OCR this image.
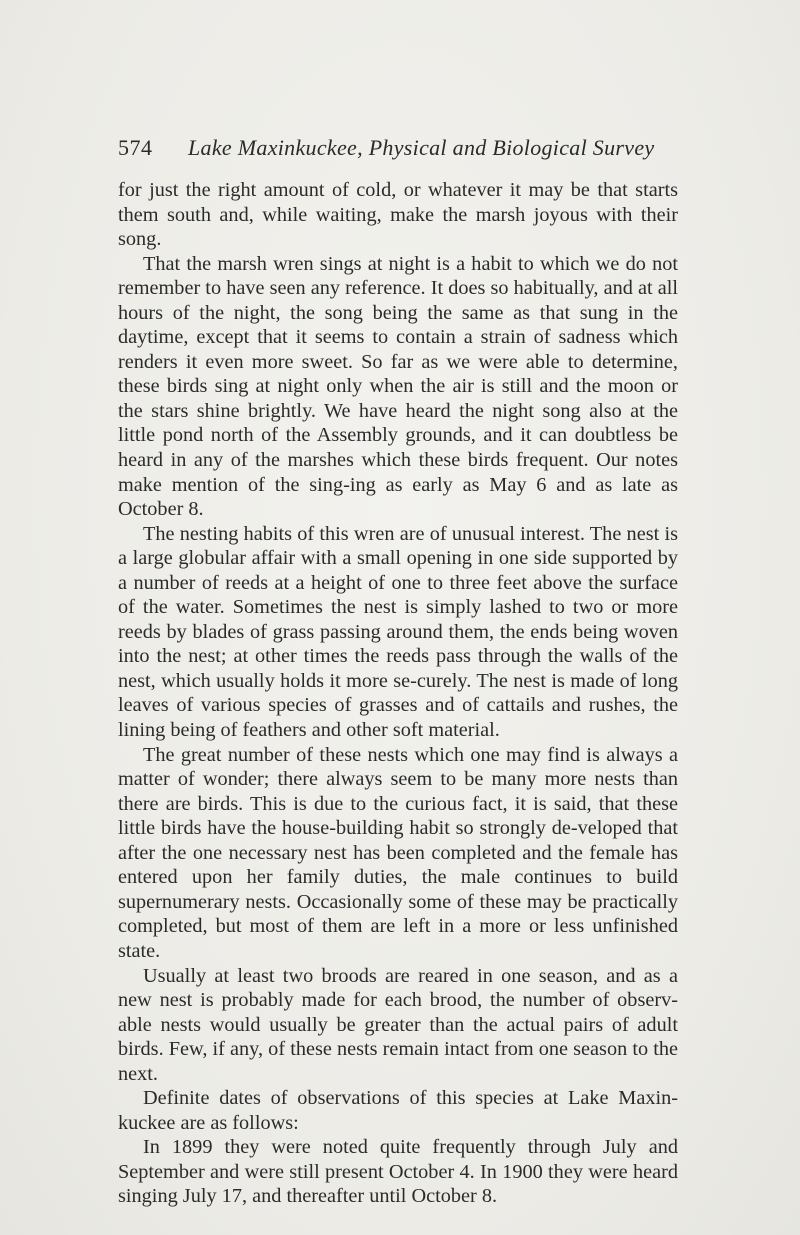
574 Lake Maxinkuckee, Physical and Biological Survey

for just the right amount of cold, or whatever it may be that starts them south and, while waiting, make the marsh joyous with their song.

That the marsh wren sings at night is a habit to which we do not remember to have seen any reference. It does so habitually, and at all hours of the night, the song being the same as that sung in the daytime, except that it seems to contain a strain of sadness which renders it even more sweet. So far as we were able to determine, these birds sing at night only when the air is still and the moon or the stars shine brightly. We have heard the night song also at the little pond north of the Assembly grounds, and it can doubtless be heard in any of the marshes which these birds frequent. Our notes make mention of the sing-ing as early as May 6 and as late as October 8.

The nesting habits of this wren are of unusual interest. The nest is a large globular affair with a small opening in one side supported by a number of reeds at a height of one to three feet above the surface of the water. Sometimes the nest is simply lashed to two or more reeds by blades of grass passing around them, the ends being woven into the nest; at other times the reeds pass through the walls of the nest, which usually holds it more se-curely. The nest is made of long leaves of various species of grasses and of cattails and rushes, the lining being of feathers and other soft material.

The great number of these nests which one may find is always a matter of wonder; there always seem to be many more nests than there are birds. This is due to the curious fact, it is said, that these little birds have the house-building habit so strongly de-veloped that after the one necessary nest has been completed and the female has entered upon her family duties, the male continues to build supernumerary nests. Occasionally some of these may be practically completed, but most of them are left in a more or less unfinished state.

Usually at least two broods are reared in one season, and as a new nest is probably made for each brood, the number of observ-able nests would usually be greater than the actual pairs of adult birds. Few, if any, of these nests remain intact from one season to the next.

Definite dates of observations of this species at Lake Maxin-kuckee are as follows:

In 1899 they were noted quite frequently through July and September and were still present October 4. In 1900 they were heard singing July 17, and thereafter until October 8.
